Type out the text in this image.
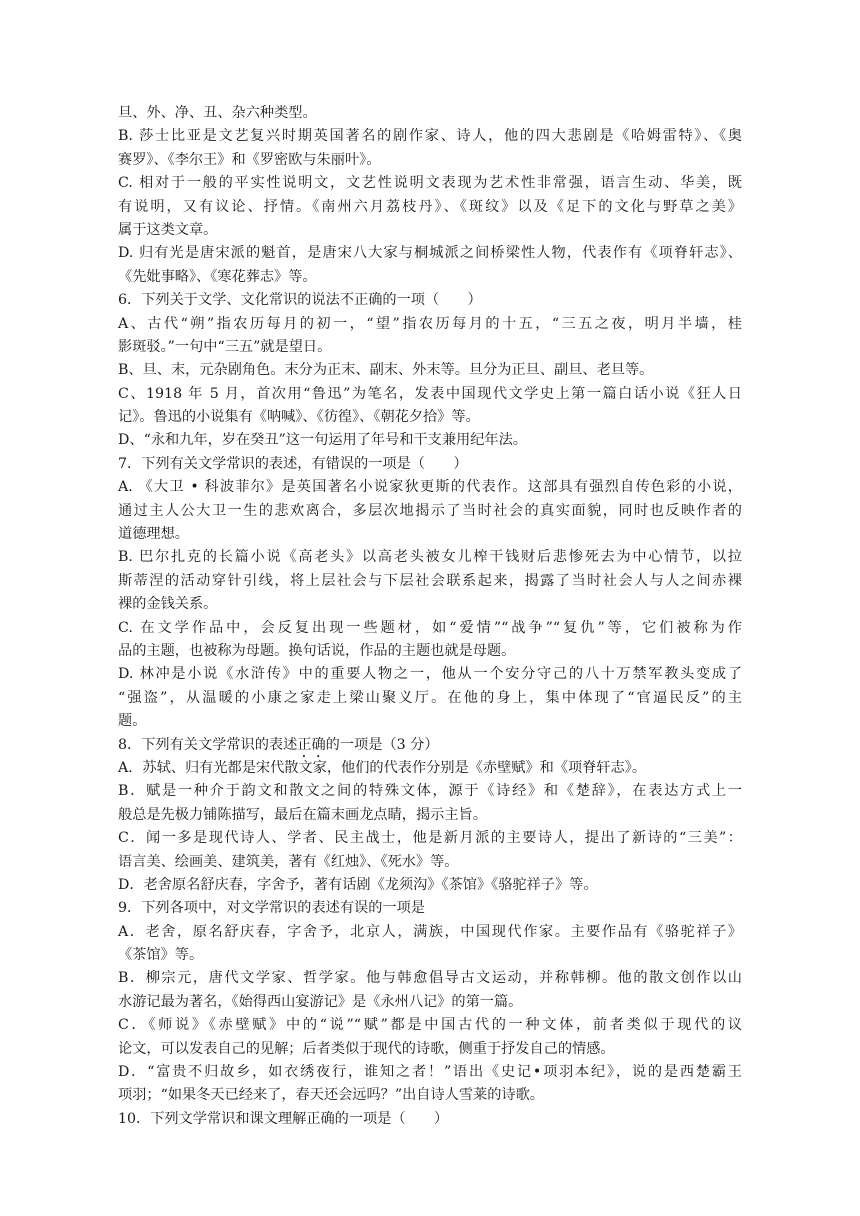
旦、外、净、丑、杂六种类型。
B. 莎士比亚是文艺复兴时期英国著名的剧作家、诗人，他的四大悲剧是《哈姆雷特》、《奥
赛罗》、《李尔王》和《罗密欧与朱丽叶》。
C. 相对于一般的平实性说明文，文艺性说明文表现为艺术性非常强，语言生动、华美，既
有说明，又有议论、抒情。《南州六月荔枝丹》、《斑纹》以及《足下的文化与野草之美》
属于这类文章。
D. 归有光是唐宋派的魁首，是唐宋八大家与桐城派之间桥梁性人物，代表作有《项脊轩志》、
《先妣事略》、《寒花葬志》等。
6．下列关于文学、文化常识的说法不正确的一项（　　）
A、古代“朔”指农历每月的初一，“望”指农历每月的十五，“三五之夜，明月半墙，桂
影斑驳。”一句中“三五”就是望日。
B、旦、末，元杂剧角色。末分为正末、副末、外末等。旦分为正旦、副旦、老旦等。
C、1918 年 5 月，首次用“鲁迅”为笔名，发表中国现代文学史上第一篇白话小说《狂人日
记》。鲁迅的小说集有《呐喊》、《彷徨》、《朝花夕拾》等。
D、“永和九年，岁在癸丑”这一句运用了年号和干支兼用纪年法。
7．下列有关文学常识的表述，有错误的一项是（　　）
A. 《大卫 • 科波菲尔》是英国著名小说家狄更斯的代表作。这部具有强烈自传色彩的小说，
通过主人公大卫一生的悲欢离合，多层次地揭示了当时社会的真实面貌，同时也反映作者的
道德理想。
B. 巴尔扎克的长篇小说《高老头》以高老头被女儿榨干钱财后悲惨死去为中心情节，以拉
斯蒂涅的活动穿针引线，将上层社会与下层社会联系起来，揭露了当时社会人与人之间赤裸
裸的金钱关系。
C. 在文学作品中，会反复出现一些题材，如“爱情”“战争”“复仇”等，它们被称为作
品的主题，也被称为母题。换句话说，作品的主题也就是母题。
D. 林冲是小说《水浒传》中的重要人物之一，他从一个安分守己的八十万禁军教头变成了
“强盗”，从温暖的小康之家走上梁山聚义厅。在他的身上，集中体现了“官逼民反”的主
题。
8．下列有关文学常识的表述正确的一项是（3 分）
A．苏轼、归有光都是宋代散文家，他们的代表作分别是《赤壁赋》和《项脊轩志》。
B．赋是一种介于韵文和散文之间的特殊文体，源于《诗经》和《楚辞》，在表达方式上一
般总是先极力铺陈描写，最后在篇末画龙点睛，揭示主旨。
C．闻一多是现代诗人、学者、民主战士，他是新月派的主要诗人，提出了新诗的“三美”：
语言美、绘画美、建筑美，著有《红烛》、《死水》等。
D．老舍原名舒庆春，字舍予，著有话剧《龙须沟》《茶馆》《骆驼祥子》等。
9．下列各项中，对文学常识的表述有误的一项是
A．老舍，原名舒庆春，字舍予，北京人，满族，中国现代作家。主要作品有《骆驼祥子》
《茶馆》等。
B．柳宗元，唐代文学家、哲学家。他与韩愈倡导古文运动，并称韩柳。他的散文创作以山
水游记最为著名，《始得西山宴游记》是《永州八记》的第一篇。
C．《师说》《赤壁赋》中的“说”“赋”都是中国古代的一种文体，前者类似于现代的议
论文，可以发表自己的见解；后者类似于现代的诗歌，侧重于抒发自己的情感。
D．“富贵不归故乡，如衣绣夜行，谁知之者！”语出《史记•项羽本纪》，说的是西楚霸王
项羽；“如果冬天已经来了，春天还会远吗？”出自诗人雪莱的诗歌。
10．下列文学常识和课文理解正确的一项是（　　）
